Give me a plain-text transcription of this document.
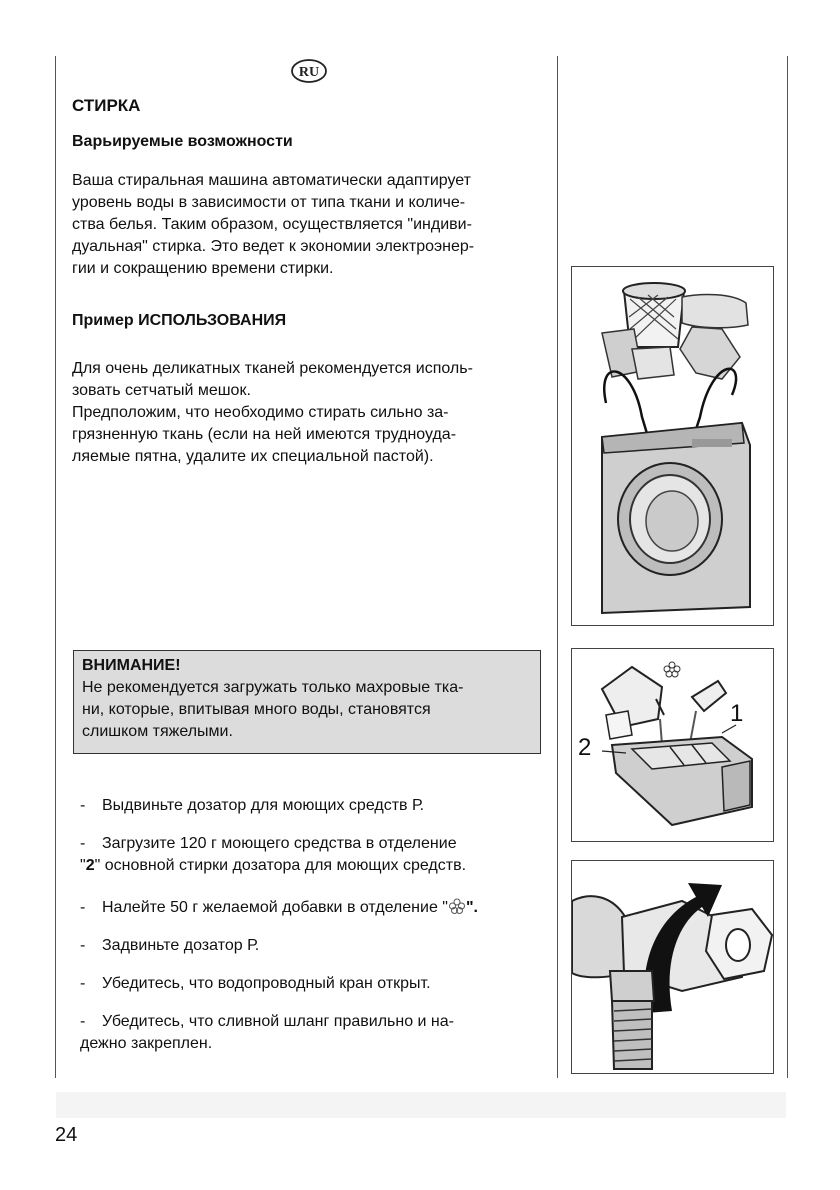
RU
СТИРКА
Варьируемые возможности
Ваша стиральная машина автоматически адаптирует
уровень воды в зависимости от типа ткани и количе-
ства белья. Таким образом, осуществляется "индиви-
дуальная" стирка. Это ведет к экономии электроэнер-
гии и сокращению времени стирки.
Пример ИСПОЛЬЗОВАНИЯ
Для очень деликатных тканей рекомендуется исполь-
зовать сетчатый мешок.
Предположим, что необходимо стирать сильно за-
грязненную ткань (если на ней имеются трудноуда-
ляемые пятна, удалите их специальной пастой).
ВНИМАНИЕ!
Не рекомендуется загружать только махровые тка-
ни, которые, впитывая много воды, становятся
слишком тяжелыми.
- Выдвиньте дозатор для моющих средств Р.
- Загрузите 120 г моющего средства в отделение
"2" основной стирки дозатора для моющих средств.
- Налейте 50 г желаемой добавки в отделение " ".
- Задвиньте дозатор Р.
- Убедитесь, что водопроводный кран открыт.
- Убедитесь, что сливной шланг правильно и на-
дежно закреплен.
1
2
24
